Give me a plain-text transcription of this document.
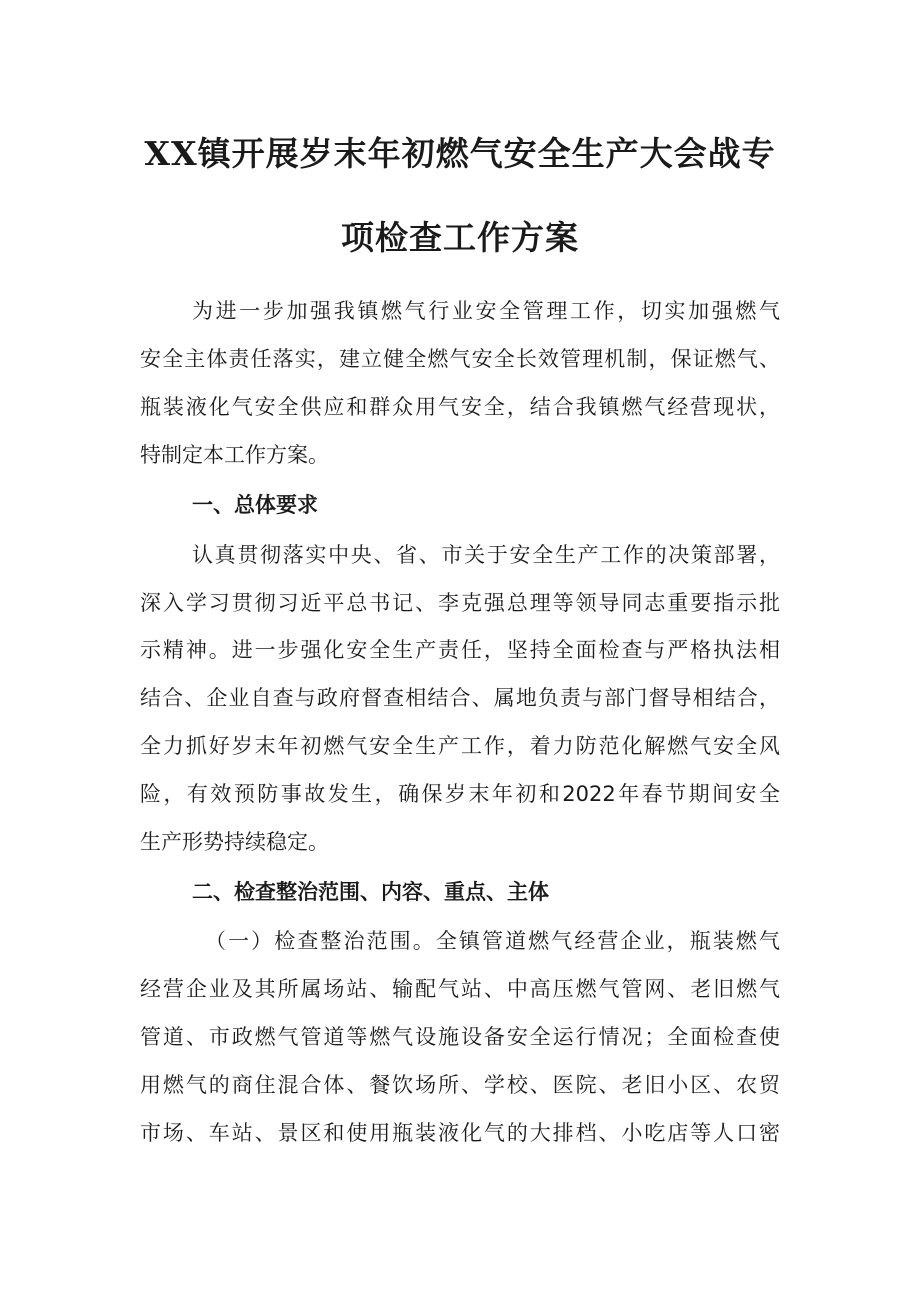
XX镇开展岁末年初燃气安全生产大会战专
项检查工作方案
为进一步加强我镇燃气行业安全管理工作，切实加强燃气
安全主体责任落实，建立健全燃气安全长效管理机制，保证燃气、
瓶装液化气安全供应和群众用气安全，结合我镇燃气经营现状，
特制定本工作方案。
一、总体要求
认真贯彻落实中央、省、市关于安全生产工作的决策部署，
深入学习贯彻习近平总书记、李克强总理等领导同志重要指示批
示精神。进一步强化安全生产责任，坚持全面检查与严格执法相
结合、企业自查与政府督查相结合、属地负责与部门督导相结合，
全力抓好岁末年初燃气安全生产工作，着力防范化解燃气安全风
险，有效预防事故发生，确保岁末年初和2022年春节期间安全
生产形势持续稳定。
二、检查整治范围、内容、重点、主体
（一）检查整治范围。全镇管道燃气经营企业，瓶装燃气
经营企业及其所属场站、输配气站、中高压燃气管网、老旧燃气
管道、市政燃气管道等燃气设施设备安全运行情况；全面检查使
用燃气的商住混合体、餐饮场所、学校、医院、老旧小区、农贸
市场、车站、景区和使用瓶装液化气的大排档、小吃店等人口密
